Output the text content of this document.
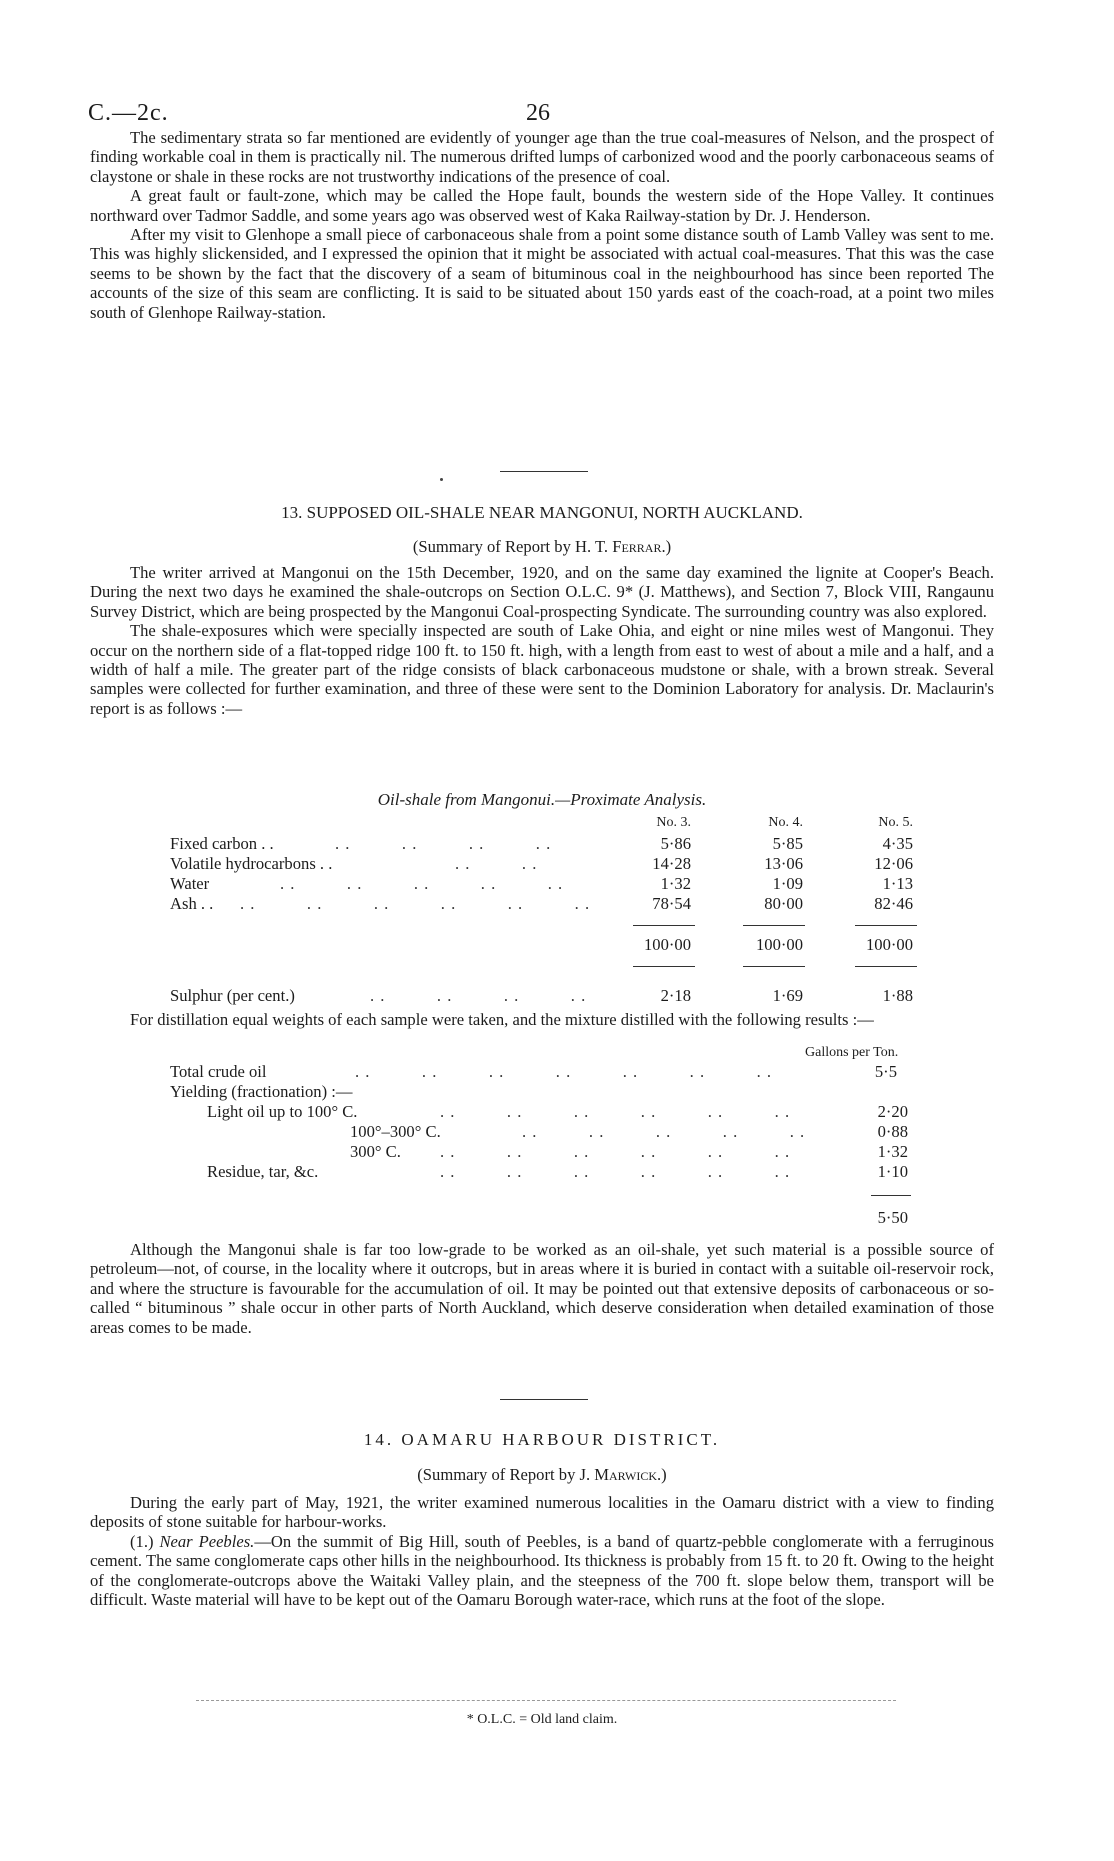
C.—2c.	26

The sedimentary strata so far mentioned are evidently of younger age than the true coal-measures of Nelson, and the prospect of finding workable coal in them is practically nil. The numerous drifted lumps of carbonized wood and the poorly carbonaceous seams of claystone or shale in these rocks are not trustworthy indications of the presence of coal.

A great fault or fault-zone, which may be called the Hope fault, bounds the western side of the Hope Valley. It continues northward over Tadmor Saddle, and some years ago was observed west of Kaka Railway-station by Dr. J. Henderson.

After my visit to Glenhope a small piece of carbonaceous shale from a point some distance south of Lamb Valley was sent to me. This was highly slickensided, and I expressed the opinion that it might be associated with actual coal-measures. That this was the case seems to be shown by the fact that the discovery of a seam of bituminous coal in the neighbourhood has since been reported The accounts of the size of this seam are conflicting. It is said to be situated about 150 yards east of the coach-road, at a point two miles south of Glenhope Railway-station.

13. SUPPOSED OIL-SHALE NEAR MANGONUI, NORTH AUCKLAND.
(Summary of Report by H. T. Ferrar.)

The writer arrived at Mangonui on the 15th December, 1920, and on the same day examined the lignite at Cooper's Beach. During the next two days he examined the shale-outcrops on Section O.L.C. 9* (J. Matthews), and Section 7, Block VIII, Rangaunu Survey District, which are being prospected by the Mangonui Coal-prospecting Syndicate. The surrounding country was also explored.

The shale-exposures which were specially inspected are south of Lake Ohia, and eight or nine miles west of Mangonui. They occur on the northern side of a flat-topped ridge 100 ft. to 150 ft. high, with a length from east to west of about a mile and a half, and a width of half a mile. The greater part of the ridge consists of black carbonaceous mudstone or shale, with a brown streak. Several samples were collected for further examination, and three of these were sent to the Dominion Laboratory for analysis. Dr. Maclaurin's report is as follows :—

Oil-shale from Mangonui.—Proximate Analysis.
No. 3.	No. 4.	No. 5.
Fixed carbon . .	. .          . .          . .          . .	5·86	5·85	4·35
Volatile hydrocarbons . .	. .          . .	14·28	13·06	12·06
Water	. .          . .          . .          . .          . .	1·32	1·09	1·13
Ash . . . .          . .          . .          . .          . .          . .	78·54	80·00	82·46
100·00	100·00	100·00
Sulphur (per cent.)	. .          . .          . .          . .	2·18	1·69	1·88

For distillation equal weights of each sample were taken, and the mixture distilled with the following results :—

Gallons per Ton.
Total crude oil	. .          . .          . .          . .          . .          . .          . .	5·5
Yielding (fractionation) :—
Light oil up to 100° C.	. .          . .          . .          . .          . .          . .	2·20
100°–300° C.	. .          . .          . .          . .          . .	0·88
300° C. . .          . .          . .          . .          . .          . .	1·32
Residue, tar, &c.	. .          . .          . .          . .          . .          . .	1·10
5·50

Although the Mangonui shale is far too low-grade to be worked as an oil-shale, yet such material is a possible source of petroleum—not, of course, in the locality where it outcrops, but in areas where it is buried in contact with a suitable oil-reservoir rock, and where the structure is favourable for the accumulation of oil. It may be pointed out that extensive deposits of carbonaceous or so-called “ bituminous ” shale occur in other parts of North Auckland, which deserve consideration when detailed examination of those areas comes to be made.

14. OAMARU HARBOUR DISTRICT.
(Summary of Report by J. Marwick.)

During the early part of May, 1921, the writer examined numerous localities in the Oamaru district with a view to finding deposits of stone suitable for harbour-works.

(1.) Near Peebles.—On the summit of Big Hill, south of Peebles, is a band of quartz-pebble conglomerate with a ferruginous cement. The same conglomerate caps other hills in the neighbourhood. Its thickness is probably from 15 ft. to 20 ft. Owing to the height of the conglomerate-outcrops above the Waitaki Valley plain, and the steepness of the 700 ft. slope below them, transport will be difficult. Waste material will have to be kept out of the Oamaru Borough water-race, which runs at the foot of the slope.

* O.L.C. = Old land claim.
